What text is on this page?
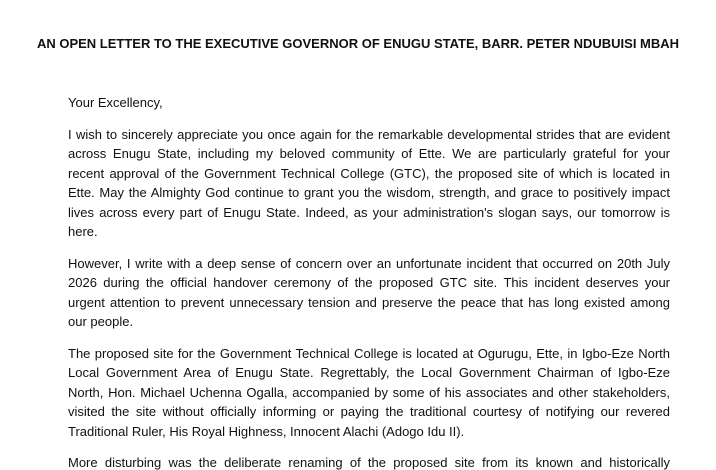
AN OPEN LETTER TO THE EXECUTIVE GOVERNOR OF ENUGU STATE, BARR. PETER NDUBUISI MBAH
Your Excellency,
I wish to sincerely appreciate you once again for the remarkable developmental strides that are evident
across Enugu State, including my beloved community of Ette. We are particularly grateful for your
recent approval of the Government Technical College (GTC), the proposed site of which is located in
Ette. May the Almighty God continue to grant you the wisdom, strength, and grace to positively impact
lives across every part of Enugu State. Indeed, as your administration's slogan says, our tomorrow is
here.
However, I write with a deep sense of concern over an unfortunate incident that occurred on 20th July
2026 during the official handover ceremony of the proposed GTC site. This incident deserves your
urgent attention to prevent unnecessary tension and preserve the peace that has long existed among
our people.
The proposed site for the Government Technical College is located at Ogurugu, Ette, in Igbo-Eze North
Local Government Area of Enugu State. Regrettably, the Local Government Chairman of Igbo-Eze
North, Hon. Michael Uchenna Ogalla, accompanied by some of his associates and other stakeholders,
visited the site without officially informing or paying the traditional courtesy of notifying our revered
Traditional Ruler, His Royal Highness, Innocent Alachi (Adogo Idu II).
More disturbing was the deliberate renaming of the proposed site from its known and historically
